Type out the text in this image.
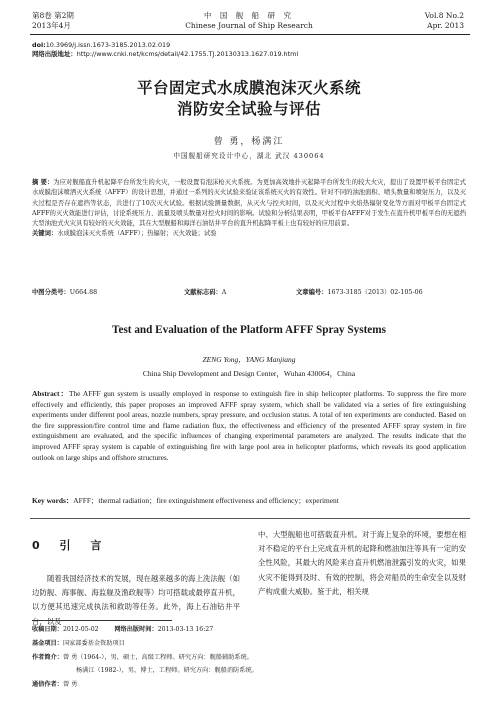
第8卷 第2期
2013年4月
中 国 舰 船 研 究
Chinese Journal of Ship Research
Vol.8 No.2
Apr. 2013
doi:10.3969/j.issn.1673-3185.2013.02.019
网络出版地址：http://www.cnki.net/kcms/detail/42.1755.TJ.20130313.1627.019.html
平台固定式水成膜泡沫灭火系统
消防安全试验与评估
曾 勇，杨满江
中国舰船研究设计中心，湖北 武汉 430064
摘 要：为应对舰船直升机起降平台所发生的火灾，一般设置有泡沫枪灭火系统。为更加高效地扑灭起降平台所发生的较大火灾，提出了设置甲板平台固定式水成膜泡沫喷洒灭火系统（AFFF）的设计思想，并通过一系列的灭火试验来验证该系统灭火的有效性。针对不同的油池面积、喷头数量和喷射压力，以及灭火过程是否存在遮挡等状态，共进行了10次灭火试验。根据试验测量数据，从灭火与控火时间，以及灭火过程中火焰热辐射变化等方面对甲板平台固定式AFFF的灭火效能进行评估，讨论系统压力、流量及喷头数量对控火时间的影响。试验和分析结果表明，甲板平台AFFF对于发生在直升机甲板平台的无遮挡大型油池式火灾具有较好的灭火效能，其在大型舰船和海洋石油钻井平台的直升机起降平板上也有较好的应用前景。
关键词：水成膜泡沫灭火系统（AFFF）；热辐射；灭火效能；试验
中图分类号：U664.88	文献标志码：A	文章编号：1673-3185（2013）02-105-06
Test and Evaluation of the Platform AFFF Spray Systems
ZENG Yong，YANG Manjiang
China Ship Development and Design Center，Wuhan 430064，China
Abstract：The AFFF gun system is usually employed in response to extinguish fire in ship helicopter platforms. To suppress the fire more effectively and efficiently, this paper proposes an improved AFFF spray system, which shall be validated via a series of fire extinguishing experiments under different pool areas, nozzle numbers, spray pressure, and occlusion status. A total of ten experiments are conducted. Based on the fire suppression/fire control time and flame radiation flux, the effectiveness and efficiency of the presented AFFF spray system in fire extinguishment are evaluated, and the specific influences of changing experimental parameters are analyzed. The results indicate that the improved AFFF spray system is capable of extinguishing fire with large pool area in helicopter platforms, which reveals its good application outlook on large ships and offshore structures.
Key words：AFFF；thermal radiation；fire extinguishment effectiveness and efficiency；experiment
0 引 言
随着我国经济技术的发展，现在越来越多的海上洗法舰（如边防舰、海事舰、海监舰及渔政舰等）均可搭载或最停直升机，以方便其迅速完成执法和救助等任务。此外，海上石油钻井平台，以及
中、大型舰船也可搭载直升机。对于海上复杂的环境，要想在相对不稳定的平台上完成直升机的起降和燃油加注等具有一定的安全性风险，其最大的风险来自直升机燃油泄露引发的火灾，如果火灾不能得到及时、有效的控制，将会对船员的生命安全以及财产构成重大威胁。鉴于此，相关规
收稿日期：2012-05-02	网络出版时间：2013-03-13 16:27
基金项目：国家部委基金资助项目
作者简介：曾 勇（1964-），男，硕士，高级工程师。研究方向：舰船辅助系统。
杨满江（1982-），男，博士，工程师。研究方向：舰船消防系统。
通信作者：曾 勇
